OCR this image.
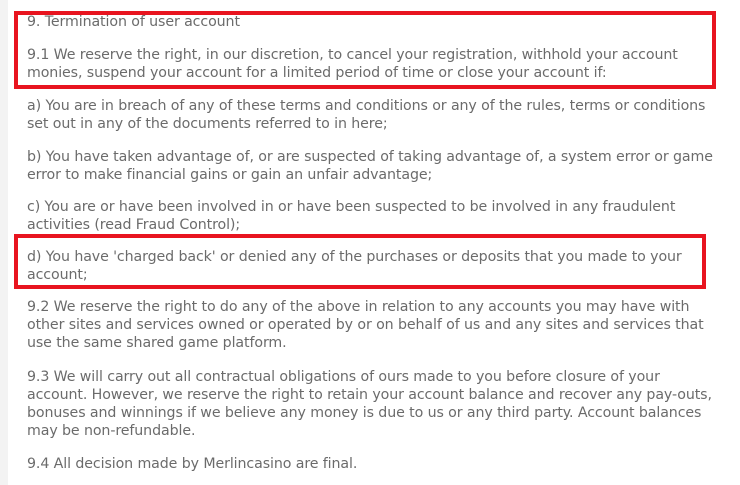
9. Termination of user account

9.1 We reserve the right, in our discretion, to cancel your registration, withhold your account
monies, suspend your account for a limited period of time or close your account if:

a) You are in breach of any of these terms and conditions or any of the rules, terms or conditions
set out in any of the documents referred to in here;

b) You have taken advantage of, or are suspected of taking advantage of, a system error or game
error to make financial gains or gain an unfair advantage;

c) You are or have been involved in or have been suspected to be involved in any fraudulent
activities (read Fraud Control);

d) You have 'charged back' or denied any of the purchases or deposits that you made to your
account;

9.2 We reserve the right to do any of the above in relation to any accounts you may have with
other sites and services owned or operated by or on behalf of us and any sites and services that
use the same shared game platform.

9.3 We will carry out all contractual obligations of ours made to you before closure of your
account. However, we reserve the right to retain your account balance and recover any pay-outs,
bonuses and winnings if we believe any money is due to us or any third party. Account balances
may be non-refundable.

9.4 All decision made by Merlincasino are final.
